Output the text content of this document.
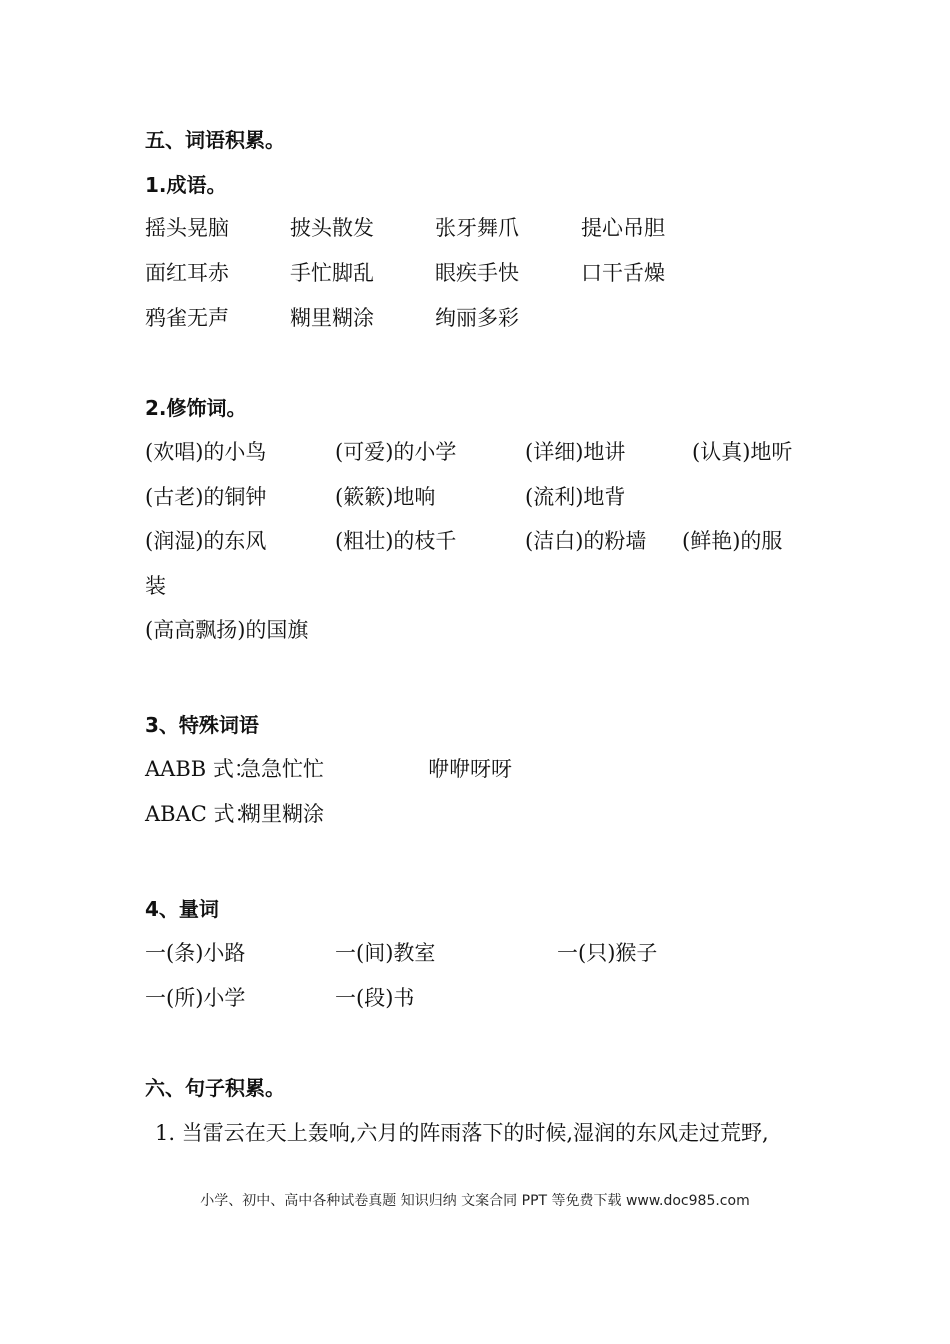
五、词语积累。
1.成语。
摇头晃脑	披头散发	张牙舞爪	提心吊胆
面红耳赤	手忙脚乱	眼疾手快	口干舌燥
鸦雀无声	糊里糊涂	绚丽多彩
2.修饰词。
(欢唱)的小鸟	(可爱)的小学	(详细)地讲	(认真)地听
(古老)的铜钟	(簌簌)地响	(流利)地背
(润湿)的东风	(粗壮)的枝千	(洁白)的粉墙 (鲜艳)的服
装
(高高飘扬)的国旗
3、特殊词语
AABB 式：
急急忙忙	咿咿呀呀
ABAC 式：
糊里糊涂
4、量词
一(条)小路	一(间)教室	一(只)猴子
一(所)小学	一(段)书
六、句子积累。
1. 当雷云在天上轰响,六月的阵雨落下的时候,湿润的东风走过荒野,
小学、初中、高中各种试卷真题 知识归纳 文案合同 PPT 等免费下载 www.doc985.com
